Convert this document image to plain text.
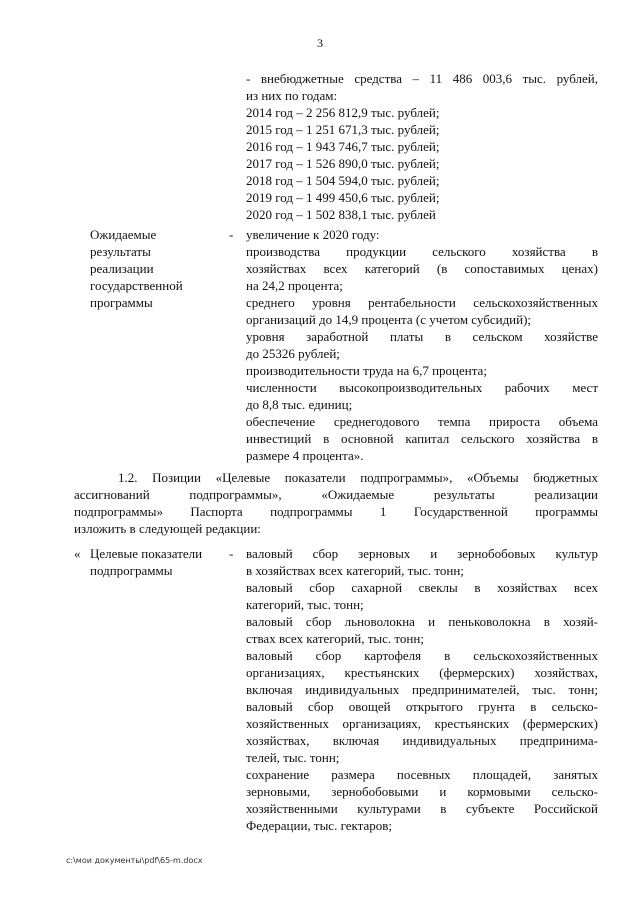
3
- внебюджетные средства – 11 486 003,6 тыс. рублей,
из них по годам:
2014 год – 2 256 812,9 тыс. рублей;
2015 год – 1 251 671,3 тыс. рублей;
2016 год – 1 943 746,7 тыс. рублей;
2017 год – 1 526 890,0 тыс. рублей;
2018 год – 1 504 594,0 тыс. рублей;
2019 год – 1 499 450,6 тыс. рублей;
2020 год – 1 502 838,1 тыс. рублей
Ожидаемые
результаты
реализации
государственной
программы
- увеличение к 2020 году:
производства продукции сельского хозяйства в
хозяйствах всех категорий (в сопоставимых ценах)
на 24,2 процента;
среднего уровня рентабельности сельскохозяйственных
организаций до 14,9 процента (с учетом субсидий);
уровня заработной платы в сельском хозяйстве
до 25326 рублей;
производительности труда на 6,7 процента;
численности высокопроизводительных рабочих мест
до 8,8 тыс. единиц;
обеспечение среднегодового темпа прироста объема
инвестиций в основной капитал сельского хозяйства в
размере 4 процента».
1.2. Позиции «Целевые показатели подпрограммы», «Объемы бюджетных
ассигнований подпрограммы», «Ожидаемые результаты реализации
подпрограммы» Паспорта подпрограммы 1 Государственной программы
изложить в следующей редакции:
« Целевые показатели
подпрограммы
- валовый сбор зерновых и зернобобовых культур
в хозяйствах всех категорий, тыс. тонн;
валовый сбор сахарной свеклы в хозяйствах всех
категорий, тыс. тонн;
валовый сбор льноволокна и пеньковолокна в хозяй-
ствах всех категорий, тыс. тонн;
валовый сбор картофеля в сельскохозяйственных
организациях, крестьянских (фермерских) хозяйствах,
включая индивидуальных предпринимателей, тыс. тонн;
валовый сбор овощей открытого грунта в сельско-
хозяйственных организациях, крестьянских (фермерских)
хозяйствах, включая индивидуальных предпринима-
телей, тыс. тонн;
сохранение размера посевных площадей, занятых
зерновыми, зернобобовыми и кормовыми сельско-
хозяйственными культурами в субъекте Российской
Федерации, тыс. гектаров;
c:\мои документы\pdf\65-m.docx
